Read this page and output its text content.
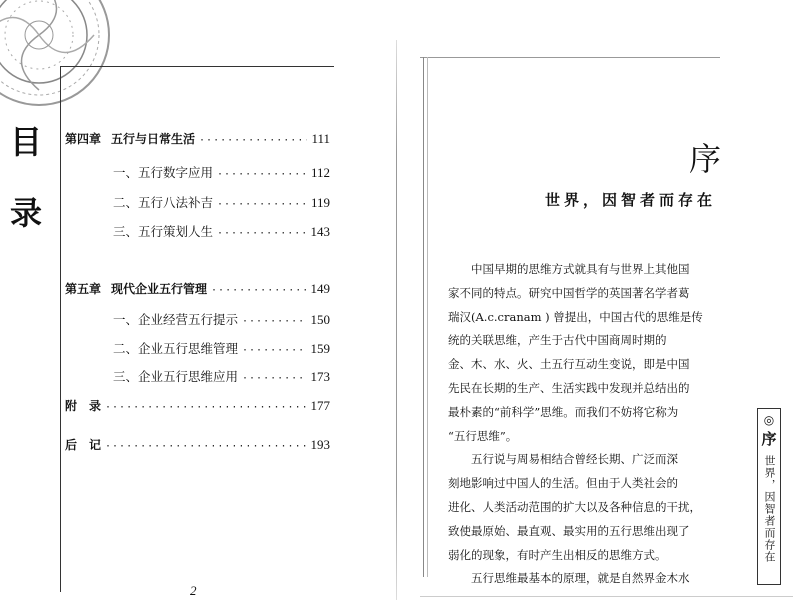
目
录
第四章 五行与日常生活 ·····	111
一、五行数字应用 ·····	112
二、五行八法补吉 ·····	119
三、五行策划人生 ·····	143
第五章 现代企业五行管理 ·····	149
一、企业经营五行提示 ·····	150
二、企业五行思维管理 ·····	159
三、企业五行思维应用 ·····	173
附　录 ·····	177
后　记 ·····	193
2
序
世界，因智者而存在
中国早期的思维方式就具有与世界上其他国
家不同的特点。研究中国哲学的英国著名学者葛
瑞汉(A.c.cranam ) 曾提出，中国古代的思维是传
统的关联思维，产生于古代中国商周时期的
金、木、水、火、土五行互动生变说，即是中国
先民在长期的生产、生活实践中发现并总结出的
最朴素的“前科学”思维。而我们不妨将它称为
“五行思维”。
五行说与周易相结合曾经长期、广泛而深
刻地影响过中国人的生活。但由于人类社会的
进化、人类活动范围的扩大以及各种信息的干扰，
致使最原始、最直观、最实用的五行思维出现了
弱化的现象，有时产生出相反的思维方式。
五行思维最基本的原理，就是自然界金木水
◎
序
世界，因智者而存在
